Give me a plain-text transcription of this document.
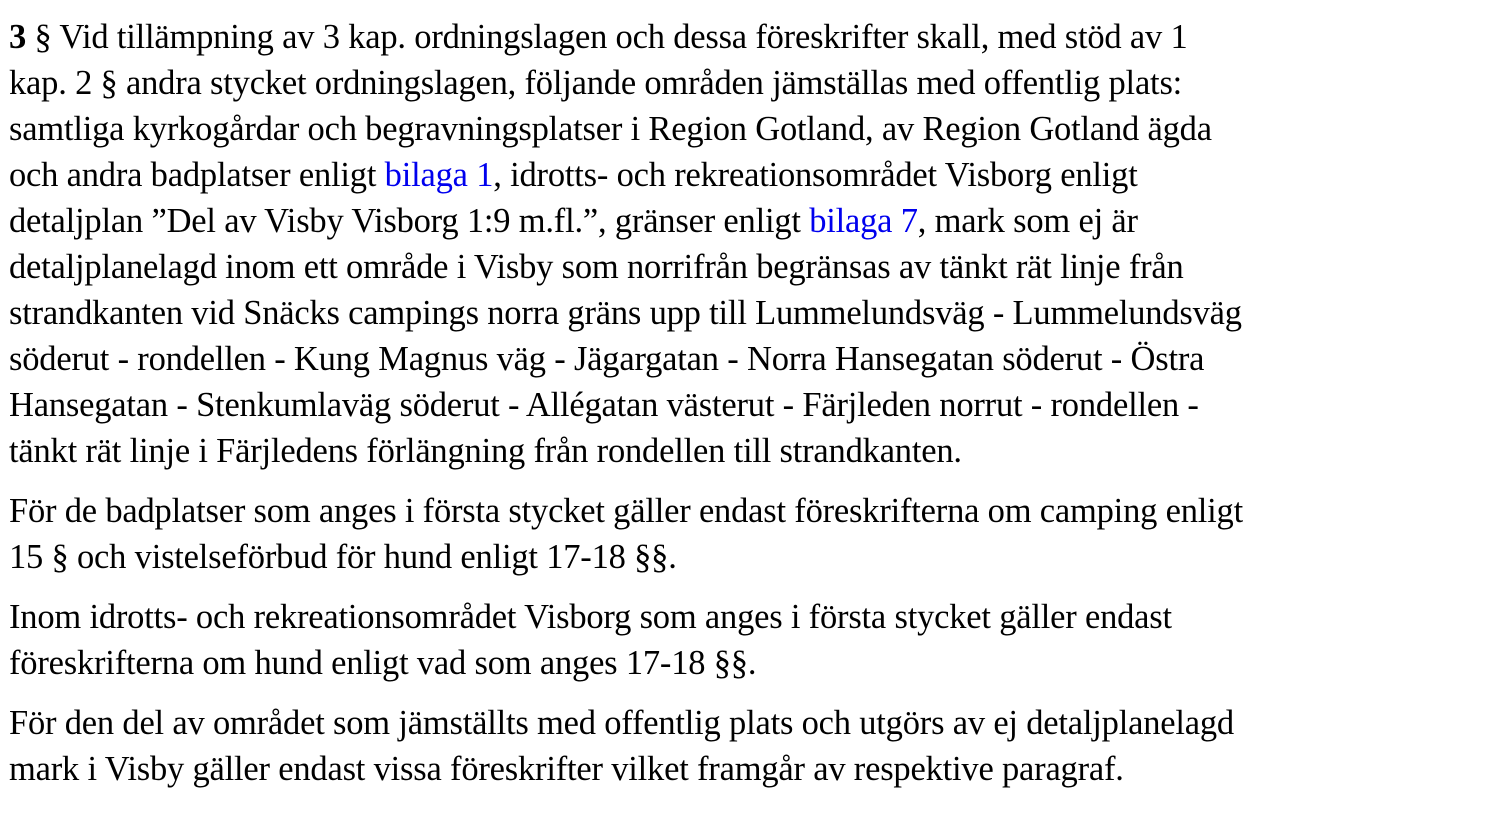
3 § Vid tillämpning av 3 kap. ordningslagen och dessa föreskrifter skall, med stöd av 1
kap. 2 § andra stycket ordningslagen, följande områden jämställas med offentlig plats:
samtliga kyrkogårdar och begravningsplatser i Region Gotland, av Region Gotland ägda
och andra badplatser enligt bilaga 1, idrotts- och rekreationsområdet Visborg enligt
detaljplan ”Del av Visby Visborg 1:9 m.fl.”, gränser enligt bilaga 7, mark som ej är
detaljplanelagd inom ett område i Visby som norrifrån begränsas av tänkt rät linje från
strandkanten vid Snäcks campings norra gräns upp till Lummelundsväg - Lummelundsväg
söderut - rondellen - Kung Magnus väg - Jägargatan - Norra Hansegatan söderut - Östra
Hansegatan - Stenkumlaväg söderut - Allégatan västerut - Färjleden norrut - rondellen -
tänkt rät linje i Färjledens förlängning från rondellen till strandkanten.

För de badplatser som anges i första stycket gäller endast föreskrifterna om camping enligt
15 § och vistelseförbud för hund enligt 17-18 §§.

Inom idrotts- och rekreationsområdet Visborg som anges i första stycket gäller endast
föreskrifterna om hund enligt vad som anges 17-18 §§.

För den del av området som jämställts med offentlig plats och utgörs av ej detaljplanelagd
mark i Visby gäller endast vissa föreskrifter vilket framgår av respektive paragraf.
